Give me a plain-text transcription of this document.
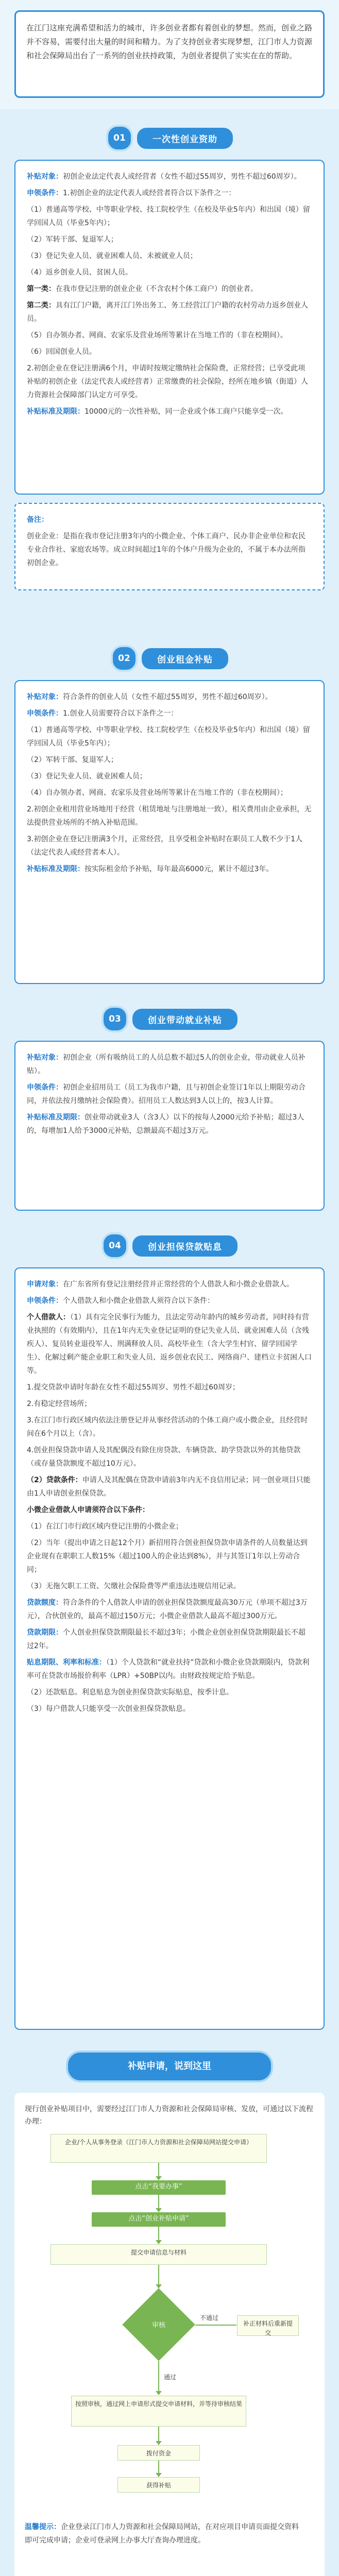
在江门这座充满希望和活力的城市，许多创业者都有着创业的梦想。然而，创业之路并不容易，需要付出大量的时间和精力。为了支持创业者实现梦想，江门市人力资源和社会保障局出台了一系列的创业扶持政策，为创业者提供了实实在在的帮助。
01	一次性创业资助

补贴对象：初创企业法定代表人或经营者（女性不超过55周岁，男性不超过60周岁）。

申领条件：1.初创企业的法定代表人或经营者符合以下条件之一：

（1）普通高等学校、中等职业学校、技工院校学生（在校及毕业5年内）和出国（境）留学回国人员（毕业5年内）；

（2）军转干部、复退军人；

（3）登记失业人员、就业困难人员、未被就业人员；

（4）返乡创业人员、贫困人员。

第一类：在我市登记注册的创业企业（不含农村个体工商户）的创业者。

第二类：具有江门户籍，离开江门外出务工、务工经营江门户籍的农村劳动力返乡创业人员。

（5）自办领办者、网商、农家乐及营业场所等累计在当地工作的（非在校期间）。

（6）回国创业人员。

2.初创企业在登记注册满6个月，申请时按规定缴纳社会保险费，正常经营；已享受此项补贴的初创企业（法定代表人或经营者）正常缴费的社会保险，经所在地乡镇（街道）人力资源社会保障部门认定方可享受。

补贴标准及期限：10000元的一次性补贴，同一企业或个体工商户只能享受一次。

备注：

创业企业：是指在我市登记注册3年内的小微企业、个体工商户、民办非企业单位和农民专业合作社、家庭农场等。成立时间超过1年的个体户升级为企业的，不属于本办法所指初创企业。

02	创业租金补贴

补贴对象：符合条件的创业人员（女性不超过55周岁，男性不超过60周岁）。

申领条件：1.创业人员需要符合以下条件之一：

（1）普通高等学校、中等职业学校、技工院校学生（在校及毕业5年内）和出国（境）留学回国人员（毕业5年内）；

（2）军转干部、复退军人；

（3）登记失业人员、就业困难人员；

（4）自办领办者、网商、农家乐及营业场所等累计在当地工作的（非在校期间）；

2.初创企业租用营业场地用于经营（租赁地址与注册地址一致），相关费用由企业承担，无法提供营业场所的不纳入补贴范围。

3.初创企业在登记注册满3个月，正常经营，且享受租金补贴时在职员工人数不少于1人（法定代表人或经营者本人）。

补贴标准及期限：按实际租金给予补贴，每年最高6000元，累计不超过3年。

03	创业带动就业补贴

补贴对象：初创企业（所有吸纳员工的人员总数不超过5人的创业企业，带动就业人员补贴）。

申领条件：初创企业招用员工（员工为我市户籍，且与初创企业签订1年以上期限劳动合同，并依法按月缴纳社会保险费）。招用员工人数达到3人以上的，按3人计算。

补贴标准及期限：创业带动就业3人（含3人）以下的按每人2000元给予补贴；超过3人的，每增加1人给予3000元补贴，总额最高不超过3万元。

04	创业担保贷款贴息

申请对象：在广东省所有登记注册经营并正常经营的个人借款人和小微企业借款人。

申领条件：个人借款人和小微企业借款人须符合以下条件：

个人借款人：（1）具有完全民事行为能力，且法定劳动年龄内的城乡劳动者，同时持有营业执照的（有效期内），且在1年内无失业登记证明的登记失业人员、就业困难人员（含残疾人）、复员转业退役军人、刑满释放人员、高校毕业生（含大学生村官、留学回国学生）、化解过剩产能企业职工和失业人员、返乡创业农民工、网络商户、建档立卡贫困人口等。

1.提交贷款申请时年龄在女性不超过55周岁、男性不超过60周岁；

2.有稳定经营场所；

3.在江门市行政区域内依法注册登记并从事经营活动的个体工商户或小微企业，且经营时间在6个月以上（含）。

4.创业担保贷款申请人及其配偶没有除住房贷款、车辆贷款、助学贷款以外的其他贷款（或存量贷款额度不超过10万元）。

（2）贷款条件：申请人及其配偶在贷款申请前3年内无不良信用记录；同一创业项目只能由1人申请创业担保贷款。

小微企业借款人申请须符合以下条件：

（1）在江门市行政区域内登记注册的小微企业；

（2）当年（提出申请之日起12个月）新招用符合创业担保贷款申请条件的人员数量达到企业现有在职职工人数15%（超过100人的企业达到8%），并与其签订1年以上劳动合同；

（3）无拖欠职工工资、欠缴社会保险费等严重违法违规信用记录。

贷款额度：符合条件的个人借款人申请的创业担保贷款额度最高30万元（单项不超过3万元），合伙创业的，最高不超过150万元；小微企业借款人最高不超过300万元。

贷款期限：个人创业担保贷款期限最长不超过3年；小微企业创业担保贷款期限最长不超过2年。

贴息期限、利率和标准：（1）个人贷款和“就业扶持”贷款和小微企业贷款期限内，贷款利率可在贷款市场报价利率（LPR）+50BP以内。由财政按规定给予贴息。

（2）还款贴息。利息贴息为创业担保贷款实际贴息，按季计息。

（3）每户借款人只能享受一次创业担保贷款贴息。

补贴申请，说到这里
现行创业补贴项目中，需要经过江门市人力资源和社会保障局审核、发放，可通过以下流程办理：
企业/个人从事务登录（江门市人力资源和社会保障局网站提交申请）
点击“我要办事”
点击“创业补贴申请”
提交申请信息与材料
审核
不通过
补正材料后重新提交
通过
按照审核，通过网上申请形式提交申请材料，并等待审核结果
拨付资金
获得补贴
温馨提示：企业登录江门市人力资源和社会保障局网站，在对应项目申请页面提交资料即可完成申请；企业可登录网上办事大厅查询办理进度。
